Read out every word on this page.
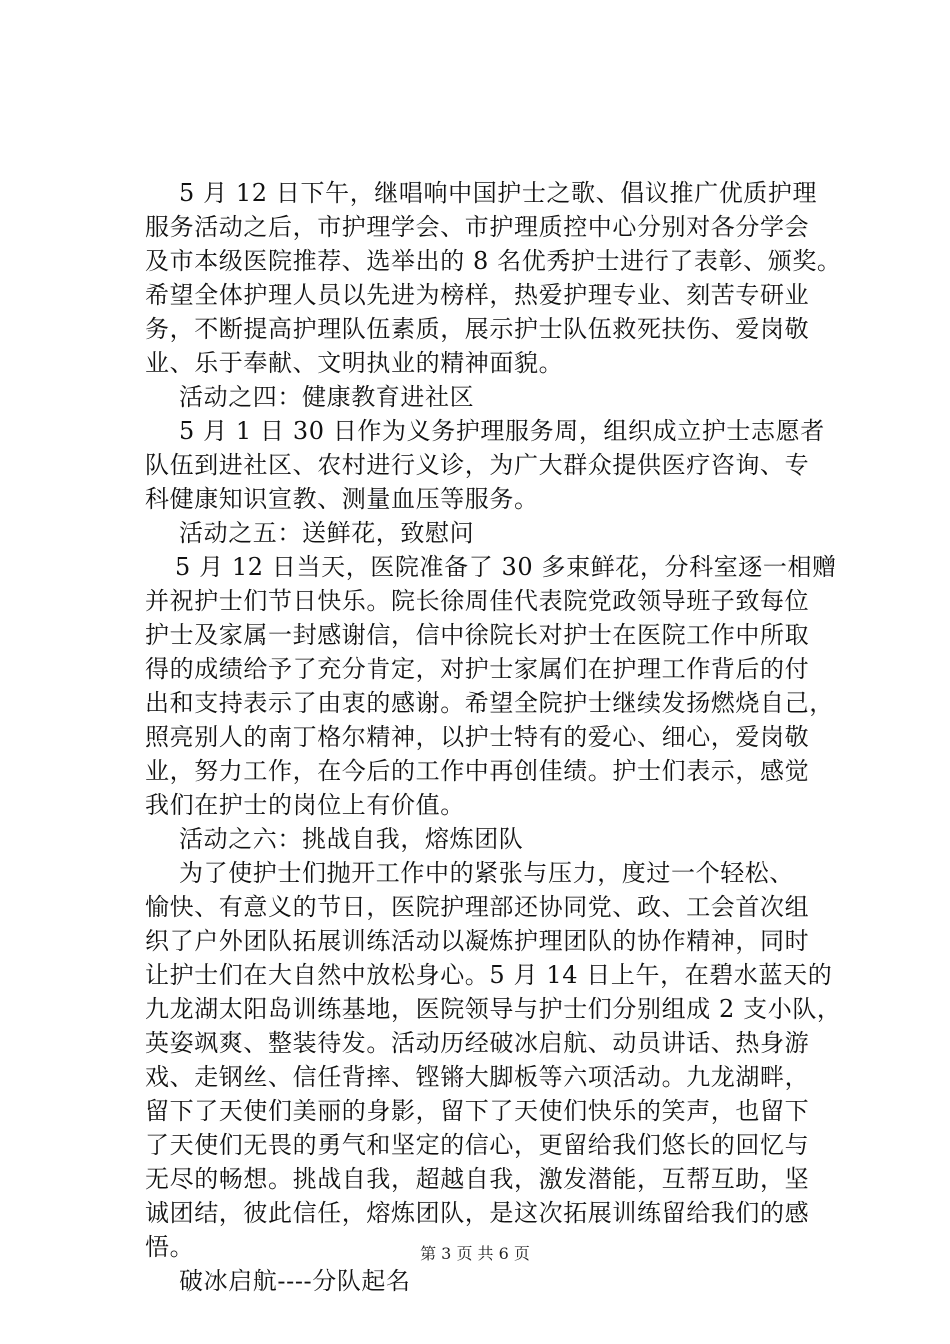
5 月 12 日下午，继唱响中国护士之歌、倡议推广优质护理
服务活动之后，市护理学会、市护理质控中心分别对各分学会
及市本级医院推荐、选举出的 8 名优秀护士进行了表彰、颁奖。
希望全体护理人员以先进为榜样，热爱护理专业、刻苦专研业
务，不断提高护理队伍素质，展示护士队伍救死扶伤、爱岗敬
业、乐于奉献、文明执业的精神面貌。
活动之四：健康教育进社区
5 月 1 日 30 日作为义务护理服务周，组织成立护士志愿者
队伍到进社区、农村进行义诊，为广大群众提供医疗咨询、专
科健康知识宣教、测量血压等服务。
活动之五：送鲜花，致慰问
5 月 12 日当天，医院准备了 30 多束鲜花，分科室逐一相赠
并祝护士们节日快乐。院长徐周佳代表院党政领导班子致每位
护士及家属一封感谢信，信中徐院长对护士在医院工作中所取
得的成绩给予了充分肯定，对护士家属们在护理工作背后的付
出和支持表示了由衷的感谢。希望全院护士继续发扬燃烧自己，
照亮别人的南丁格尔精神，以护士特有的爱心、细心，爱岗敬
业，努力工作，在今后的工作中再创佳绩。护士们表示，感觉
我们在护士的岗位上有价值。
活动之六：挑战自我，熔炼团队
为了使护士们抛开工作中的紧张与压力，度过一个轻松、
愉快、有意义的节日，医院护理部还协同党、政、工会首次组
织了户外团队拓展训练活动以凝炼护理团队的协作精神，同时
让护士们在大自然中放松身心。5 月 14 日上午，在碧水蓝天的
九龙湖太阳岛训练基地，医院领导与护士们分别组成 2 支小队，
英姿飒爽、整装待发。活动历经破冰启航、动员讲话、热身游
戏、走钢丝、信任背摔、铿锵大脚板等六项活动。九龙湖畔，
留下了天使们美丽的身影，留下了天使们快乐的笑声，也留下
了天使们无畏的勇气和坚定的信心，更留给我们悠长的回忆与
无尽的畅想。挑战自我，超越自我，激发潜能，互帮互助，坚
诚团结，彼此信任，熔炼团队，是这次拓展训练留给我们的感
悟。
破冰启航----分队起名
第 3 页 共 6 页
